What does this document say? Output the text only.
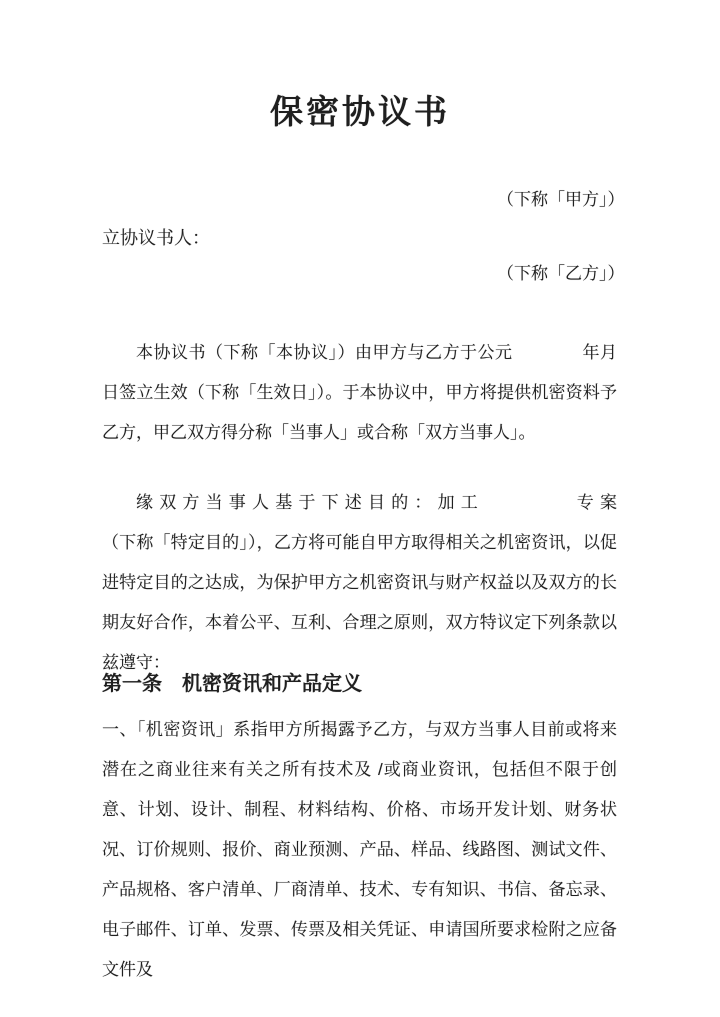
保密协议书
（下称「甲方」）
立协议书人：
（下称「乙方」）

本协议书（下称「本协议」）由甲方与乙方于公元　　　　年月　　　日签立生效（下称「生效日」）。于本协议中，甲方将提供机密资料予乙方，甲乙双方得分称「当事人」或合称「双方当事人」。

缘双方当事人基于下述目的：加工　　　　专案

（下称「特定目的」），乙方将可能自甲方取得相关之机密资讯，以促进特定目的之达成，为保护甲方之机密资讯与财产权益以及双方的长期友好合作，本着公平、互利、合理之原则，双方特议定下列条款以兹遵守：

第一条　机密资讯和产品定义

一、「机密资讯」系指甲方所揭露予乙方，与双方当事人目前或将来潜在之商业往来有关之所有技术及 /或商业资讯，包括但不限于创意、计划、设计、制程、材料结构、价格、市场开发计划、财务状况、订价规则、报价、商业预测、产品、样品、线路图、测试文件、产品规格、客户清单、厂商清单、技术、专有知识、书信、备忘录、电子邮件、订单、发票、传票及相关凭证、申请国所要求检附之应备文件及
